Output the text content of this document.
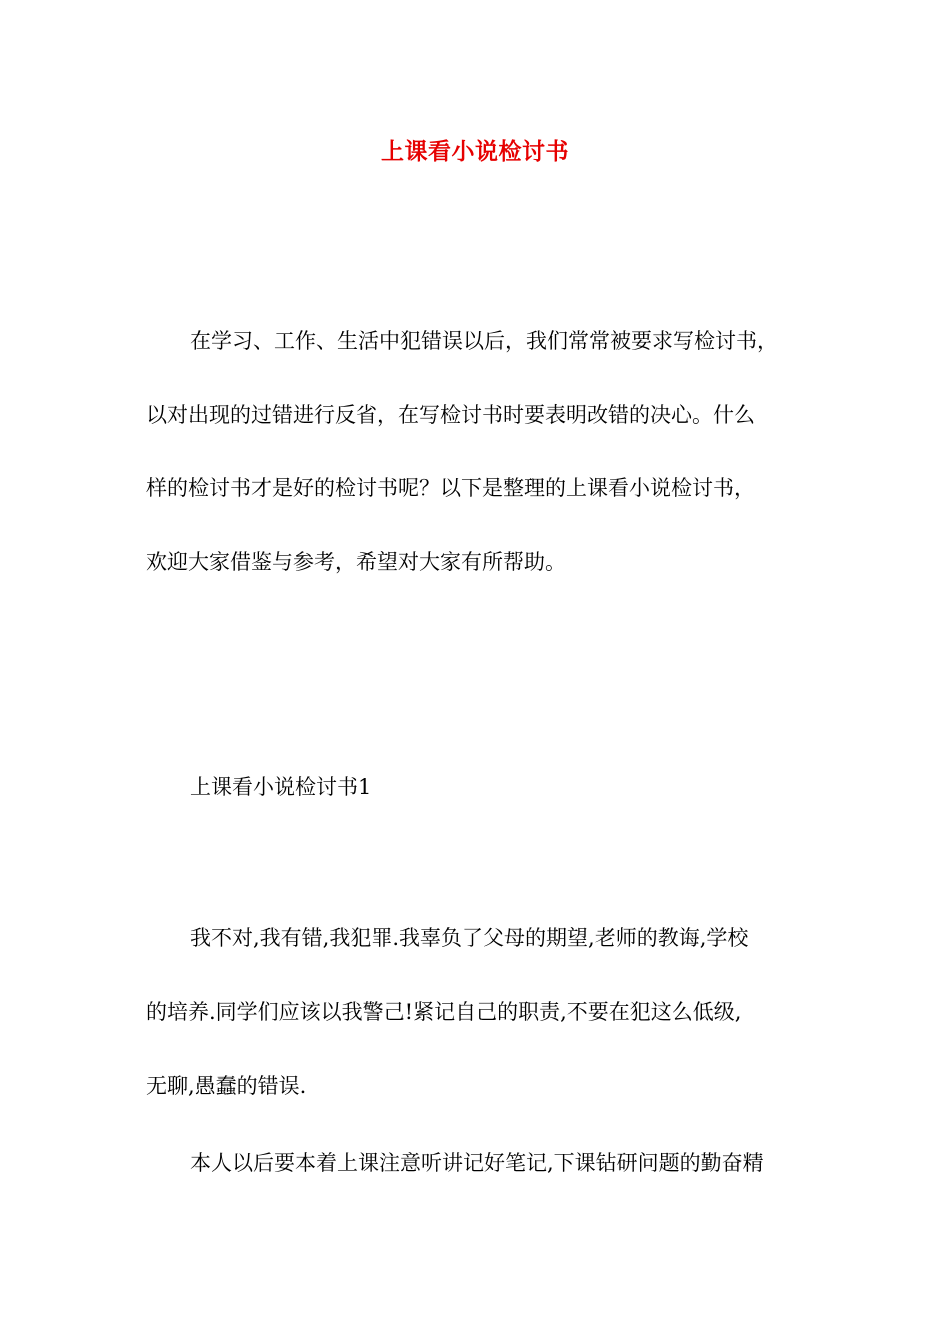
上课看小说检讨书
在学习、工作、生活中犯错误以后，我们常常被要求写检讨书，
以对出现的过错进行反省，在写检讨书时要表明改错的决心。什么
样的检讨书才是好的检讨书呢？以下是整理的上课看小说检讨书，
欢迎大家借鉴与参考，希望对大家有所帮助。
上课看小说检讨书1
我不对,我有错,我犯罪.我辜负了父母的期望,老师的教诲,学校
的培养.同学们应该以我警己!紧记自己的职责,不要在犯这么低级,
无聊,愚蠢的错误.
本人以后要本着上课注意听讲记好笔记,下课钻研问题的勤奋精
